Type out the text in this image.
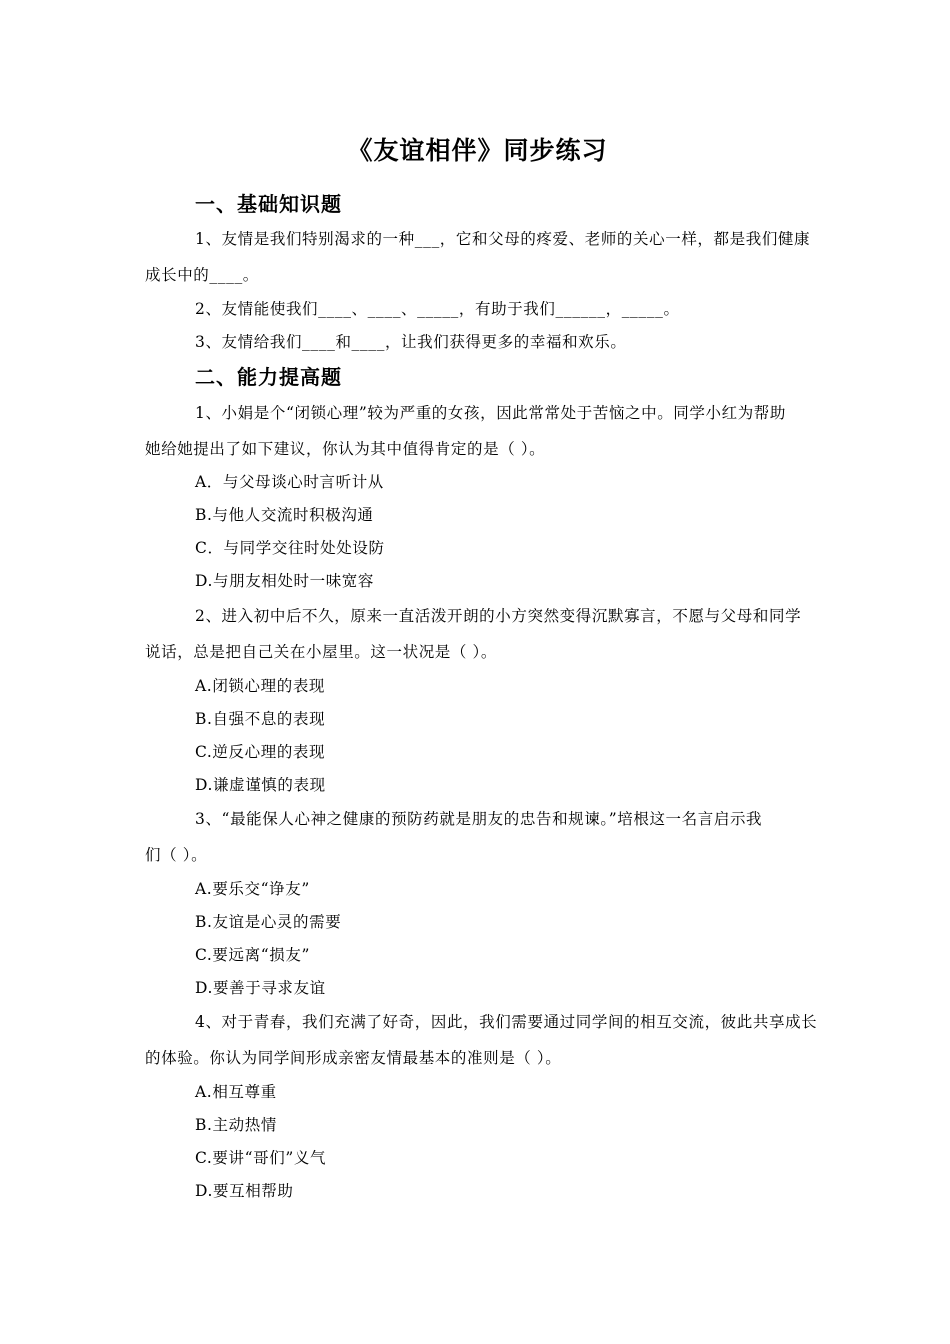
《友谊相伴》同步练习
一、基础知识题
1、友情是我们特别渴求的一种___，它和父母的疼爱、老师的关心一样，都是我们健康
成长中的____。
2、友情能使我们____、____、_____，有助于我们______，_____。
3、友情给我们____和____，让我们获得更多的幸福和欢乐。
二、能力提高题
1、小娟是个“闭锁心理”较为严重的女孩，因此常常处于苦恼之中。同学小红为帮助
她给她提出了如下建议，你认为其中值得肯定的是（ ）。
A．与父母谈心时言听计从
B.与他人交流时积极沟通
C．与同学交往时处处设防
D.与朋友相处时一味宽容
2、进入初中后不久，原来一直活泼开朗的小方突然变得沉默寡言，不愿与父母和同学
说话，总是把自己关在小屋里。这一状况是（ ）。
A.闭锁心理的表现
B.自强不息的表现
C.逆反心理的表现
D.谦虚谨慎的表现
3、“最能保人心神之健康的预防药就是朋友的忠告和规谏。”培根这一名言启示我
们（ ）。
A.要乐交“诤友”
B.友谊是心灵的需要
C.要远离“损友”
D.要善于寻求友谊
4、对于青春，我们充满了好奇，因此，我们需要通过同学间的相互交流，彼此共享成长
的体验。你认为同学间形成亲密友情最基本的准则是（ ）。
A.相互尊重
B.主动热情
C.要讲“哥们”义气
D.要互相帮助
